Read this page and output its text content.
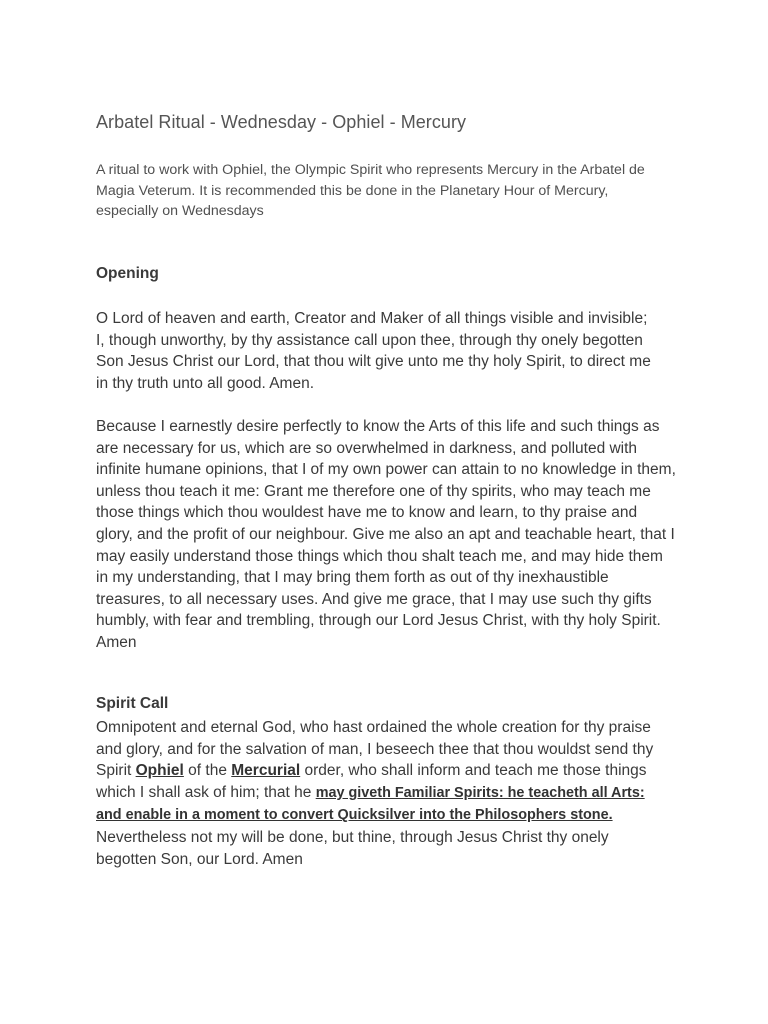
Arbatel Ritual - Wednesday - Ophiel - Mercury

A ritual to work with Ophiel, the Olympic Spirit who represents Mercury in the Arbatel de Magia Veterum. It is recommended this be done in the Planetary Hour of Mercury, especially on Wednesdays

Opening

O Lord of heaven and earth, Creator and Maker of all things visible and invisible; I, though unworthy, by thy assistance call upon thee, through thy onely begotten Son Jesus Christ our Lord, that thou wilt give unto me thy holy Spirit, to direct me in thy truth unto all good. Amen.

Because I earnestly desire perfectly to know the Arts of this life and such things as are necessary for us, which are so overwhelmed in darkness, and polluted with infinite humane opinions, that I of my own power can attain to no knowledge in them, unless thou teach it me: Grant me therefore one of thy spirits, who may teach me those things which thou wouldest have me to know and learn, to thy praise and glory, and the profit of our neighbour. Give me also an apt and teachable heart, that I may easily understand those things which thou shalt teach me, and may hide them in my understanding, that I may bring them forth as out of thy inexhaustible treasures, to all necessary uses. And give me grace, that I may use such thy gifts humbly, with fear and trembling, through our Lord Jesus Christ, with thy holy Spirit. Amen

Spirit Call

Omnipotent and eternal God, who hast ordained the whole creation for thy praise and glory, and for the salvation of man, I beseech thee that thou wouldst send thy Spirit Ophiel of the Mercurial order, who shall inform and teach me those things which I shall ask of him; that he may giveth Familiar Spirits: he teacheth all Arts: and enable in a moment to convert Quicksilver into the Philosophers stone. Nevertheless not my will be done, but thine, through Jesus Christ thy onely begotten Son, our Lord. Amen
